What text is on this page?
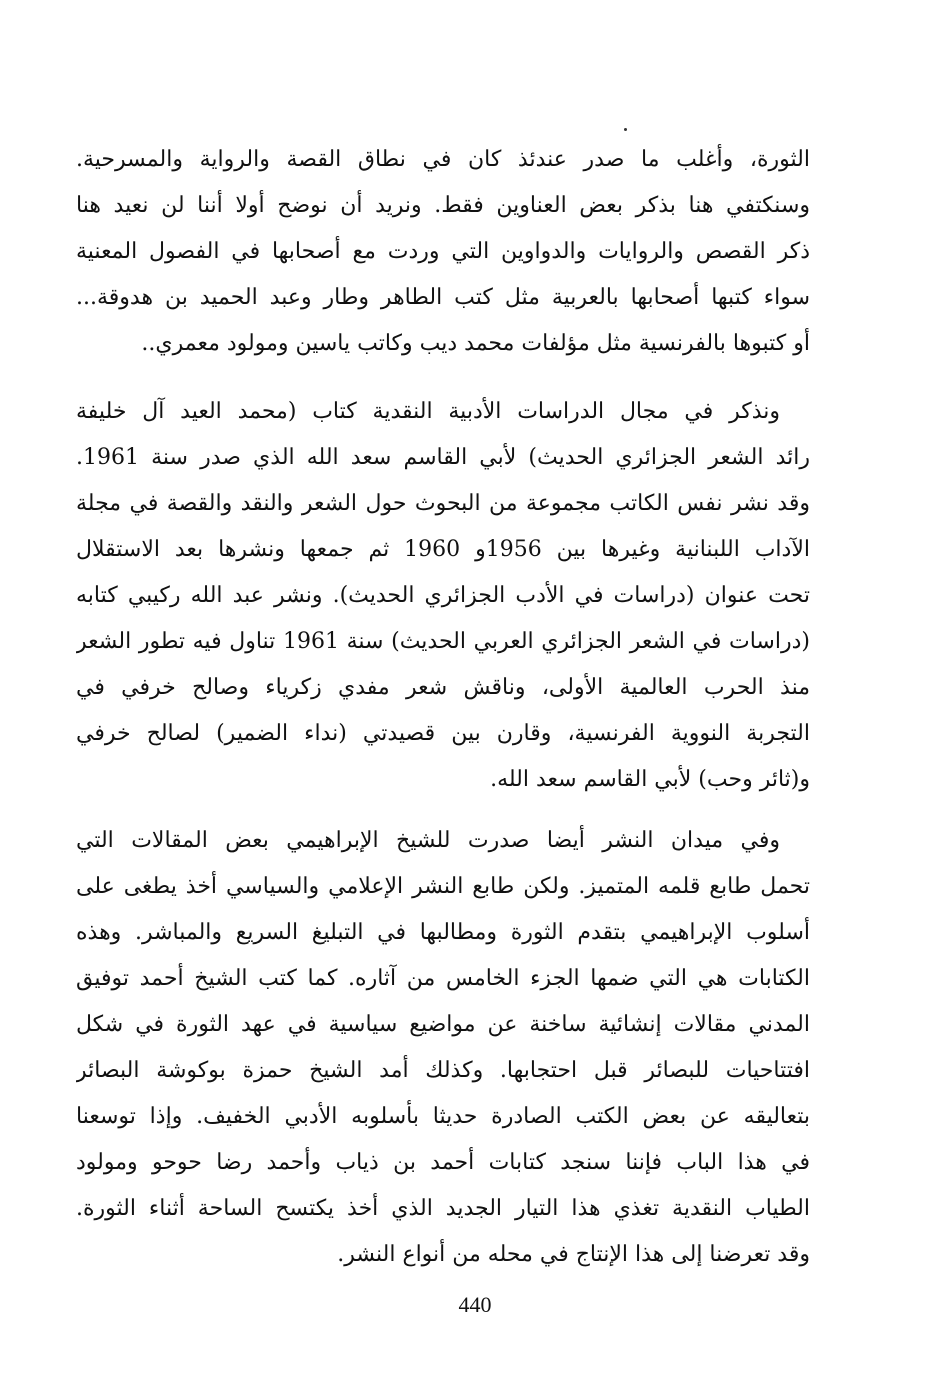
الثورة، وأغلب ما صدر عندئذ كان في نطاق القصة والرواية والمسرحية.
وسنكتفي هنا بذكر بعض العناوين فقط. ونريد أن نوضح أولا أننا لن نعيد هنا
ذكر القصص والروايات والدواوين التي وردت مع أصحابها في الفصول المعنية
سواء كتبها أصحابها بالعربية مثل كتب الطاهر وطار وعبد الحميد بن هدوقة...
أو كتبوها بالفرنسية مثل مؤلفات محمد ديب وكاتب ياسين ومولود معمري..
ونذكر في مجال الدراسات الأدبية النقدية كتاب (محمد العيد آل خليفة
رائد الشعر الجزائري الحديث) لأبي القاسم سعد الله الذي صدر سنة 1961.
وقد نشر نفس الكاتب مجموعة من البحوث حول الشعر والنقد والقصة في مجلة
الآداب اللبنانية وغيرها بين 1956و 1960 ثم جمعها ونشرها بعد الاستقلال
تحت عنوان (دراسات في الأدب الجزائري الحديث). ونشر عبد الله ركيبي كتابه
(دراسات في الشعر الجزائري العربي الحديث) سنة 1961 تناول فيه تطور الشعر
منذ الحرب العالمية الأولى، وناقش شعر مفدي زكرياء وصالح خرفي في
التجربة النووية الفرنسية، وقارن بين قصيدتي (نداء الضمير) لصالح خرفي
و(ثائر وحب) لأبي القاسم سعد الله.
وفي ميدان النشر أيضا صدرت للشيخ الإبراهيمي بعض المقالات التي
تحمل طابع قلمه المتميز. ولكن طابع النشر الإعلامي والسياسي أخذ يطغى على
أسلوب الإبراهيمي بتقدم الثورة ومطالبها في التبليغ السريع والمباشر. وهذه
الكتابات هي التي ضمها الجزء الخامس من آثاره. كما كتب الشيخ أحمد توفيق
المدني مقالات إنشائية ساخنة عن مواضيع سياسية في عهد الثورة في شكل
افتتاحيات للبصائر قبل احتجابها. وكذلك أمد الشيخ حمزة بوكوشة البصائر
بتعاليقه عن بعض الكتب الصادرة حديثا بأسلوبه الأدبي الخفيف. وإذا توسعنا
في هذا الباب فإننا سنجد كتابات أحمد بن ذياب وأحمد رضا حوحو ومولود
الطياب النقدية تغذي هذا التيار الجديد الذي أخذ يكتسح الساحة أثناء الثورة.
وقد تعرضنا إلى هذا الإنتاج في محله من أنواع النشر.
440
